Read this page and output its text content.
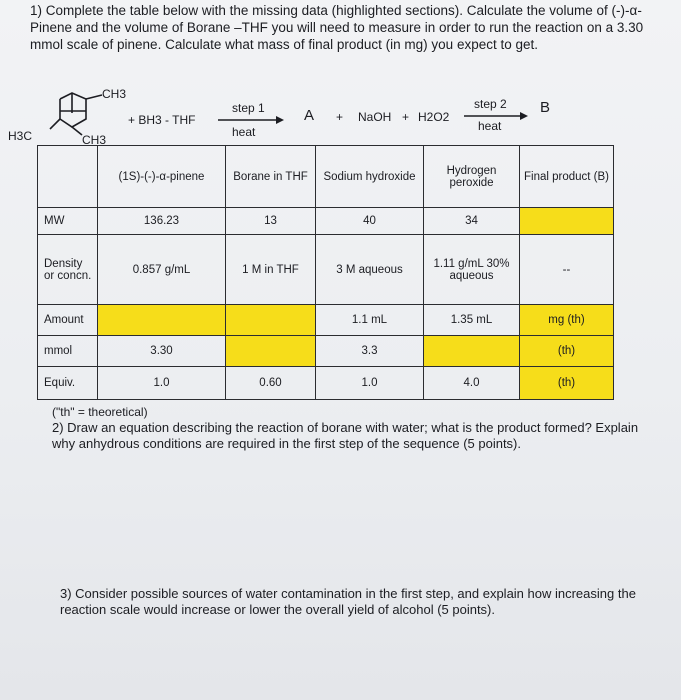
1) Complete the table below with the missing data (highlighted sections). Calculate the volume of (-)-α-Pinene and the volume of Borane –THF you will need to measure in order to run the reaction on a 3.30 mmol scale of pinene. Calculate what mass of final product (in mg) you expect to get.
CH3
H3C	CH3
+ BH3 - THF
step 1
heat
A + NaOH + H2O2
step 2
heat
B
	(1S)-(-)-α-pinene	Borane in THF	Sodium hydroxide	Hydrogen peroxide	Final product (B)
MW	136.23	13	40	34	
Density or concn.	0.857 g/mL	1 M in THF	3 M aqueous	1.11 g/mL 30% aqueous	--
Amount			1.1 mL	1.35 mL	mg (th)
mmol	3.30		3.3		(th)
Equiv.	1.0	0.60	1.0	4.0	(th)
("th" = theoretical)
2) Draw an equation describing the reaction of borane with water; what is the product formed? Explain why anhydrous conditions are required in the first step of the sequence (5 points).
3) Consider possible sources of water contamination in the first step, and explain how increasing the reaction scale would increase or lower the overall yield of alcohol (5 points).
